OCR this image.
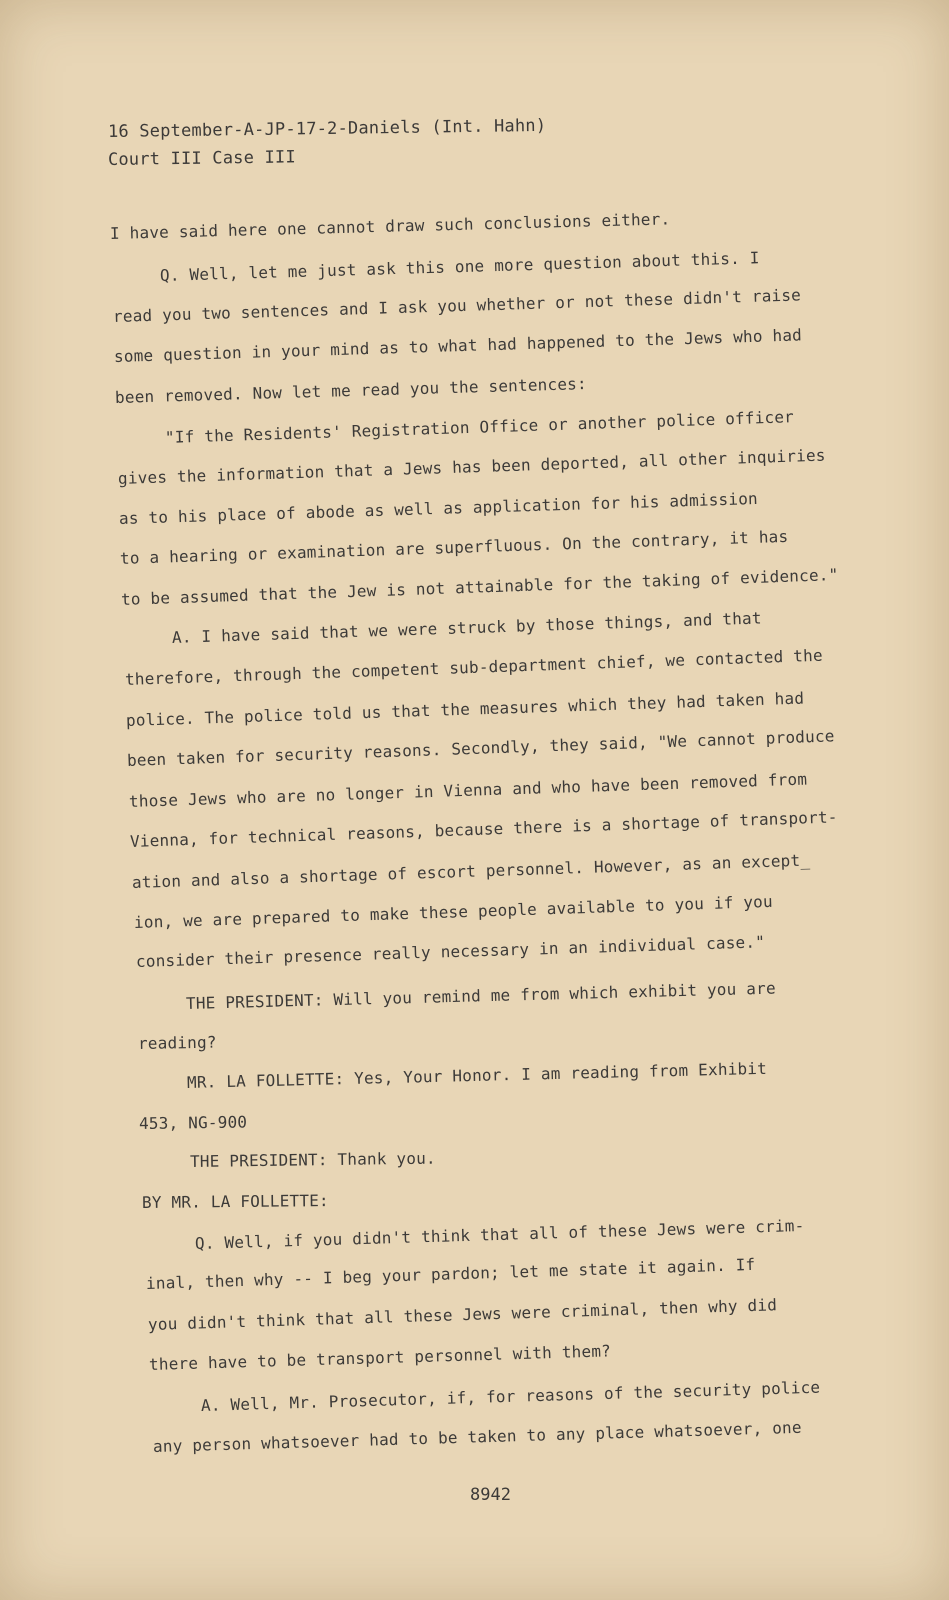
16 September-A-JP-17-2-Daniels (Int. Hahn)
Court III Case III
I have said here one cannot draw such conclusions either.
Q. Well, let me just ask this one more question about this. I
read you two sentences and I ask you whether or not these didn't raise
some question in your mind as to what had happened to the Jews who had
been removed. Now let me read you the sentences:
"If the Residents' Registration Office or another police officer
gives the information that a Jews has been deported, all other inquiries
as to his place of abode as well as application for his admission
to a hearing or examination are superfluous. On the contrary, it has
to be assumed that the Jew is not attainable for the taking of evidence."
A. I have said that we were struck by those things, and that
therefore, through the competent sub-department chief, we contacted the
police. The police told us that the measures which they had taken had
been taken for security reasons. Secondly, they said, "We cannot produce
those Jews who are no longer in Vienna and who have been removed from
Vienna, for technical reasons, because there is a shortage of transport-
ation and also a shortage of escort personnel. However, as an except_
ion, we are prepared to make these people available to you if you
consider their presence really necessary in an individual case."
THE PRESIDENT: Will you remind me from which exhibit you are
reading?
MR. LA FOLLETTE: Yes, Your Honor. I am reading from Exhibit
453, NG-900
THE PRESIDENT: Thank you.
BY MR. LA FOLLETTE:
Q. Well, if you didn't think that all of these Jews were crim-
inal, then why -- I beg your pardon; let me state it again. If
you didn't think that all these Jews were criminal, then why did
there have to be transport personnel with them?
A. Well, Mr. Prosecutor, if, for reasons of the security police
any person whatsoever had to be taken to any place whatsoever, one
8942
